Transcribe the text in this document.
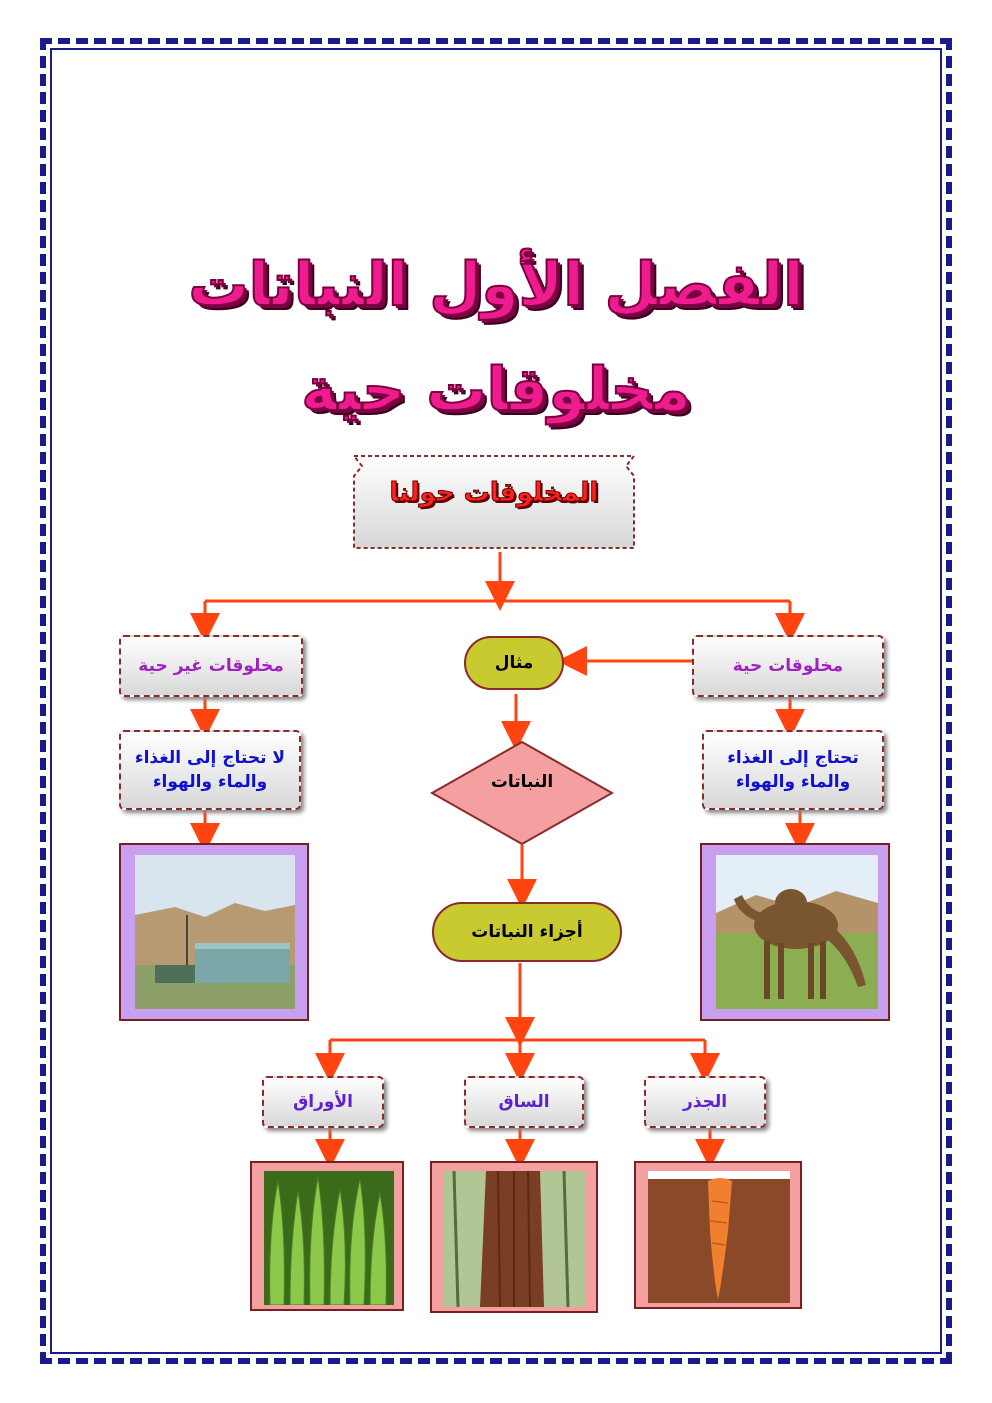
الفصل الأول النباتات
مخلوقات حية
المخلوقات حولنا
مخلوقات حية
مخلوقات غير حية	مثال
تحتاج إلى الغذاء
والماء والهواء
لا تحتاج إلى الغذاء
والماء والهواء	النباتات
أجزاء النباتات
الجذر
الساق
الأوراق
